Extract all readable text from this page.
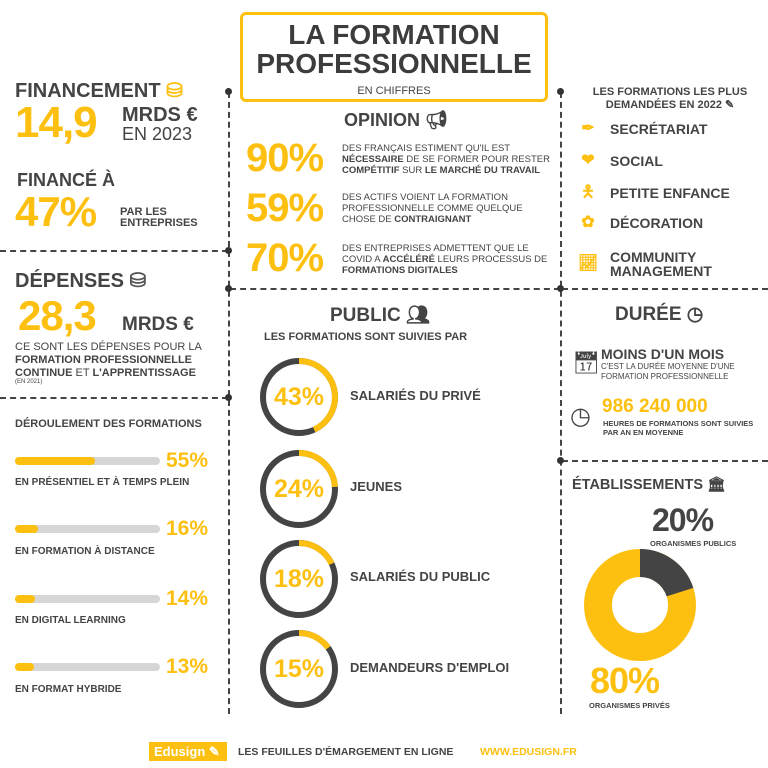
LA FORMATION
PROFESSIONNELLE
EN CHIFFRES
FINANCEMENT ⛁
14,9 MRDS €
EN 2023
FINANCÉ À
47% PAR LES ENTREPRISES
DÉPENSES ⛁
28,3 MRDS €
CE SONT LES DÉPENSES POUR LA FORMATION PROFESSIONNELLE CONTINUE ET L'APPRENTISSAGE
(EN 2021)
DÉROULEMENT DES FORMATIONS
55%
EN PRÉSENTIEL ET À TEMPS PLEIN
16%
EN FORMATION À DISTANCE
14%
EN DIGITAL LEARNING
13%
EN FORMAT HYBRIDE
OPINION 📢︎
90% DES FRANÇAIS ESTIMENT QU'IL EST NÉCESSAIRE DE SE FORMER POUR RESTER COMPÉTITIF SUR LE MARCHÉ DU TRAVAIL
59% DES ACTIFS VOIENT LA FORMATION PROFESSIONNELLE COMME QUELQUE CHOSE DE CONTRAIGNANT
70% DES ENTREPRISES ADMETTENT QUE LE COVID A ACCÉLÉRÉ LEURS PROCESSUS DE FORMATIONS DIGITALES
PUBLIC 👥︎
LES FORMATIONS SONT SUIVIES PAR
43%
24%
18%
15%
SALARIÉS DU PRIVÉ
JEUNES
SALARIÉS DU PUBLIC
DEMANDEURS D'EMPLOI
LES FORMATIONS LES PLUS DEMANDÉES EN 2022 ✎
✒ SECRÉTARIAT
❤ SOCIAL
🯅 PETITE ENFANCE
✿ DÉCORATION
📈︎ COMMUNITY MANAGEMENT
DURÉE ◷
📅︎ MOINS D'UN MOIS
C'EST LA DURÉE MOYENNE D'UNE FORMATION PROFESSIONNELLE
◷ 986 240 000
HEURES DE FORMATIONS SONT SUIVIES PAR AN EN MOYENNE
ÉTABLISSEMENTS 🏛︎
20%
ORGANISMES PUBLICS
80%
ORGANISMES PRIVÉS
Edusign ✎	LES FEUILLES D'ÉMARGEMENT EN LIGNE	WWW.EDUSIGN.FR
